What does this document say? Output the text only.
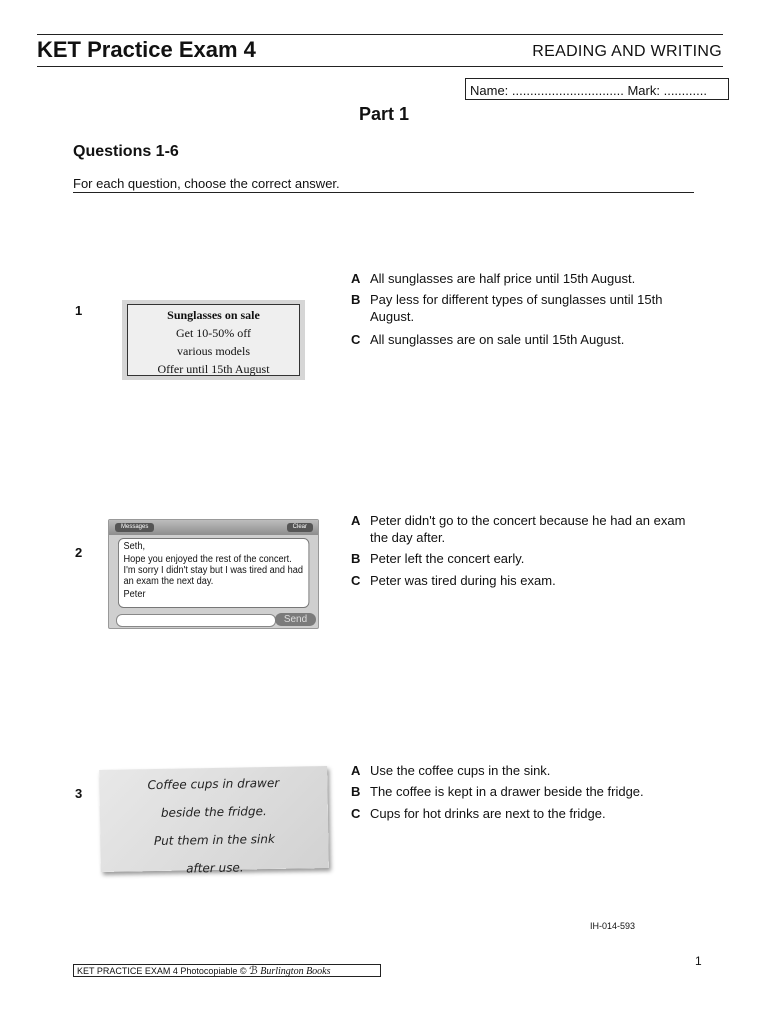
KET Practice Exam 4	READING AND WRITING
Name: ............................... Mark: ............
Part 1
Questions 1-6
For each question, choose the correct answer.
1	Sunglasses on sale
Get 10-50% off
various models
Offer until 15th August
A All sunglasses are half price until 15th August.
B Pay less for different types of sunglasses until 15th August.
C All sunglasses are on sale until 15th August.
2
Messages	Clear
Seth,
Hope you enjoyed the rest of the concert. I'm sorry I didn't stay but I was tired and had an exam the next day.
Peter
Send
A Peter didn't go to the concert because he had an exam the day after.
B Peter left the concert early.
C Peter was tired during his exam.
3
Coffee cups in drawer
beside the fridge.
Put them in the sink
after use.
A Use the coffee cups in the sink.
B The coffee is kept in a drawer beside the fridge.
C Cups for hot drinks are next to the fridge.
IH-014-593
1
KET PRACTICE EXAM 4 Photocopiable © ℬ Burlington Books
